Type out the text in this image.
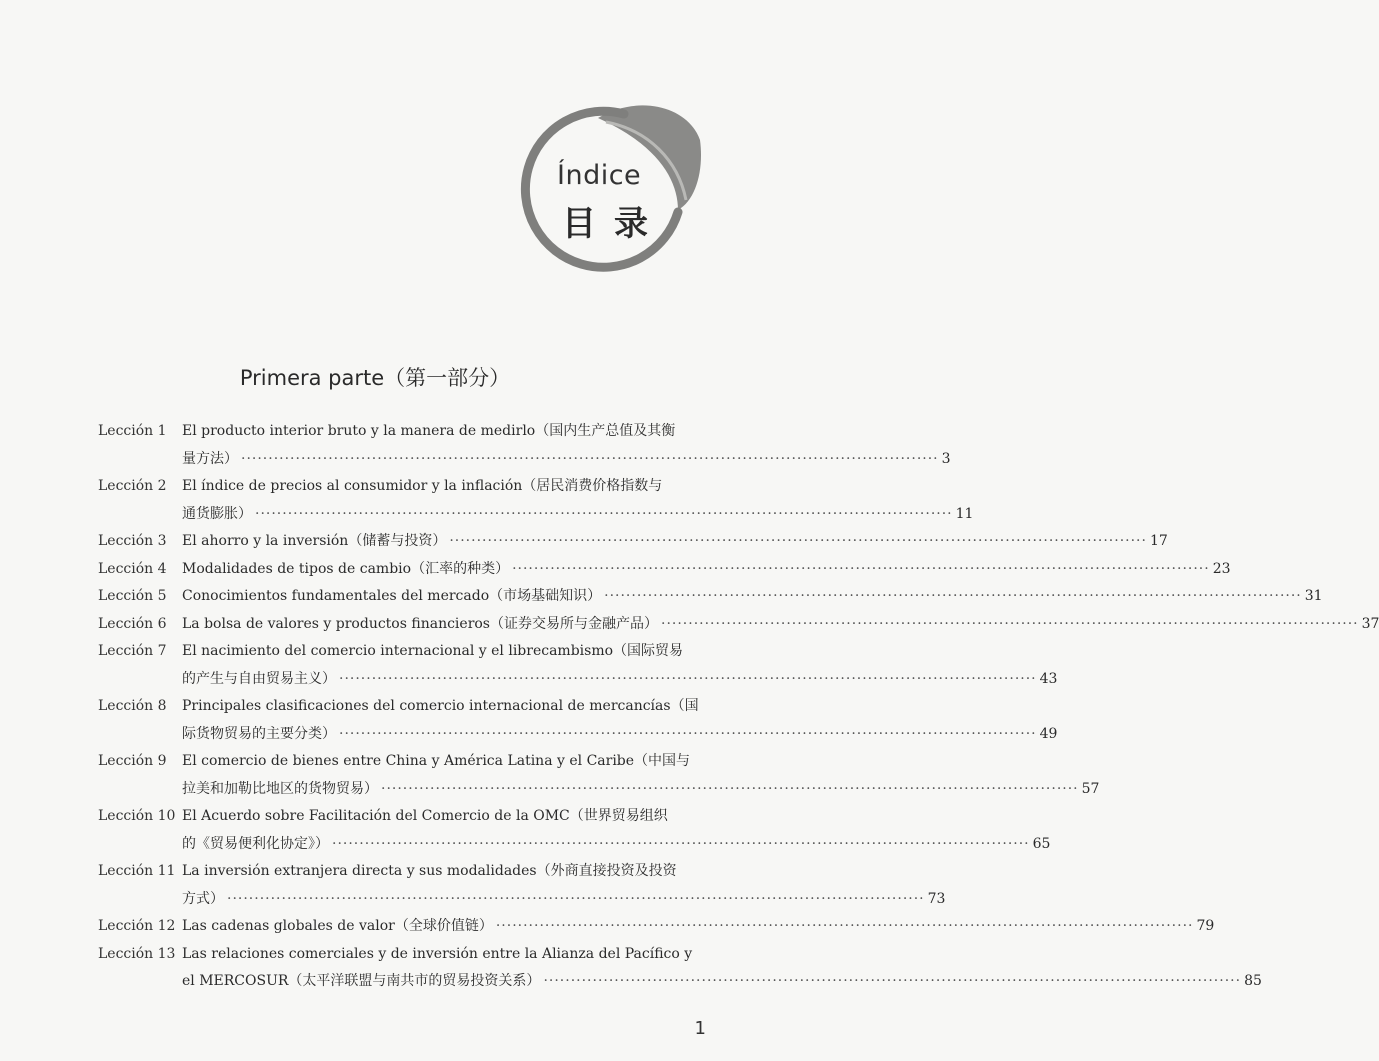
Índice
目录
Primera parte（第一部分）
Lección 1	El producto interior bruto y la manera de medirlo（国内生产总值及其衡
量方法） ·····	3
Lección 2	El índice de precios al consumidor y la inflación（居民消费价格指数与
通货膨胀） ·····	11
Lección 3	El ahorro y la inversión（储蓄与投资） ·····	17
Lección 4	Modalidades de tipos de cambio（汇率的种类） ·····	23
Lección 5	Conocimientos fundamentales del mercado（市场基础知识） ·····	31
Lección 6	La bolsa de valores y productos financieros（证券交易所与金融产品） ·····	37
Lección 7	El nacimiento del comercio internacional y el librecambismo（国际贸易
的产生与自由贸易主义） ·····	43
Lección 8	Principales clasificaciones del comercio internacional de mercancías（国
际货物贸易的主要分类） ·····	49
Lección 9	El comercio de bienes entre China y América Latina y el Caribe（中国与
拉美和加勒比地区的货物贸易） ·····	57
Lección 10 El Acuerdo sobre Facilitación del Comercio de la OMC（世界贸易组织
的《贸易便利化协定》） ·····	65
Lección 11 La inversión extranjera directa y sus modalidades（外商直接投资及投资
方式） ·····	73
Lección 12 Las cadenas globales de valor（全球价值链） ·····	79
Lección 13 Las relaciones comerciales y de inversión entre la Alianza del Pacífico y
el MERCOSUR（太平洋联盟与南共市的贸易投资关系） ·····	85
1
